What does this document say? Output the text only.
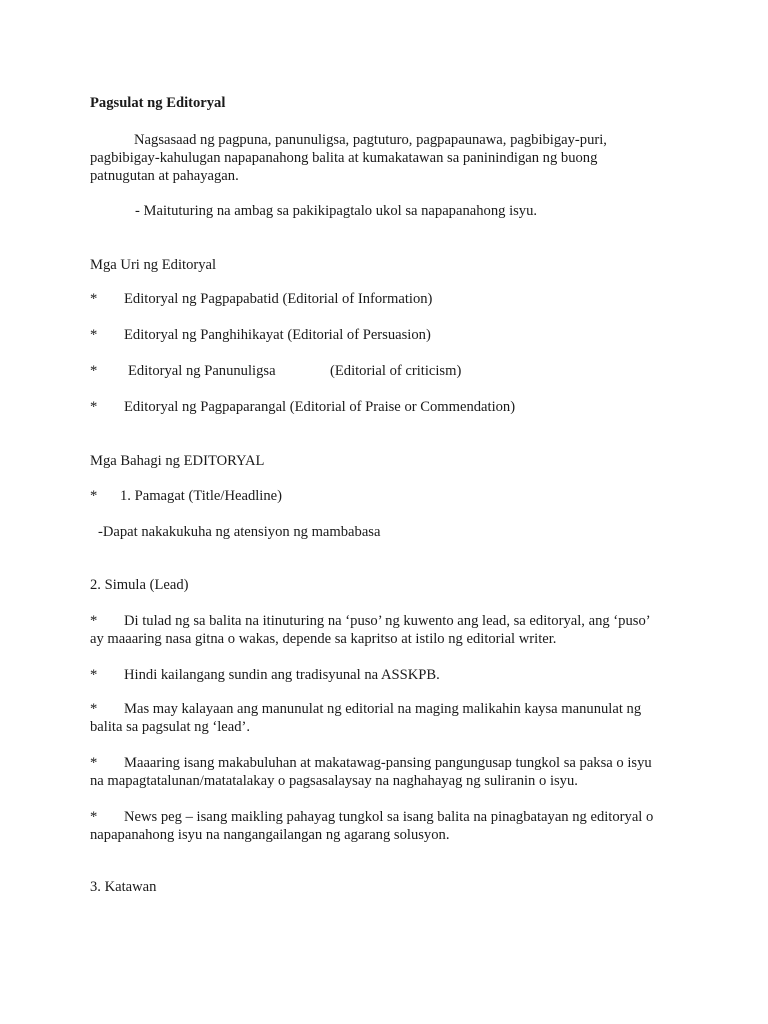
Pagsulat ng Editoryal
Nagsasaad ng pagpuna, panunuligsa, pagtuturo, pagpapaunawa, pagbibigay-puri,
pagbibigay-kahulugan napapanahong balita at kumakatawan sa paninindigan ng buong
patnugutan at pahayagan.
- Maituturing na ambag sa pakikipagtalo ukol sa napapanahong isyu.
Mga Uri ng Editoryal
* Editoryal ng Pagpapabatid (Editorial of Information)
* Editoryal ng Panghihikayat (Editorial of Persuasion)
* Editoryal ng Panunuligsa	(Editorial of criticism)
* Editoryal ng Pagpaparangal (Editorial of Praise or Commendation)
Mga Bahagi ng EDITORYAL
* 1. Pamagat (Title/Headline)
-Dapat nakakukuha ng atensiyon ng mambabasa
2. Simula (Lead)
* Di tulad ng sa balita na itinuturing na ‘puso’ ng kuwento ang lead, sa editoryal, ang ‘puso’
ay maaaring nasa gitna o wakas, depende sa kapritso at istilo ng editorial writer.
* Hindi kailangang sundin ang tradisyunal na ASSKPB.
* Mas may kalayaan ang manunulat ng editorial na maging malikahin kaysa manunulat ng
balita sa pagsulat ng ‘lead’.
* Maaaring isang makabuluhan at makatawag-pansing pangungusap tungkol sa paksa o isyu
na mapagtatalunan/matatalakay o pagsasalaysay na naghahayag ng suliranin o isyu.
* News peg – isang maikling pahayag tungkol sa isang balita na pinagbatayan ng editoryal o
napapanahong isyu na nangangailangan ng agarang solusyon.
3. Katawan
